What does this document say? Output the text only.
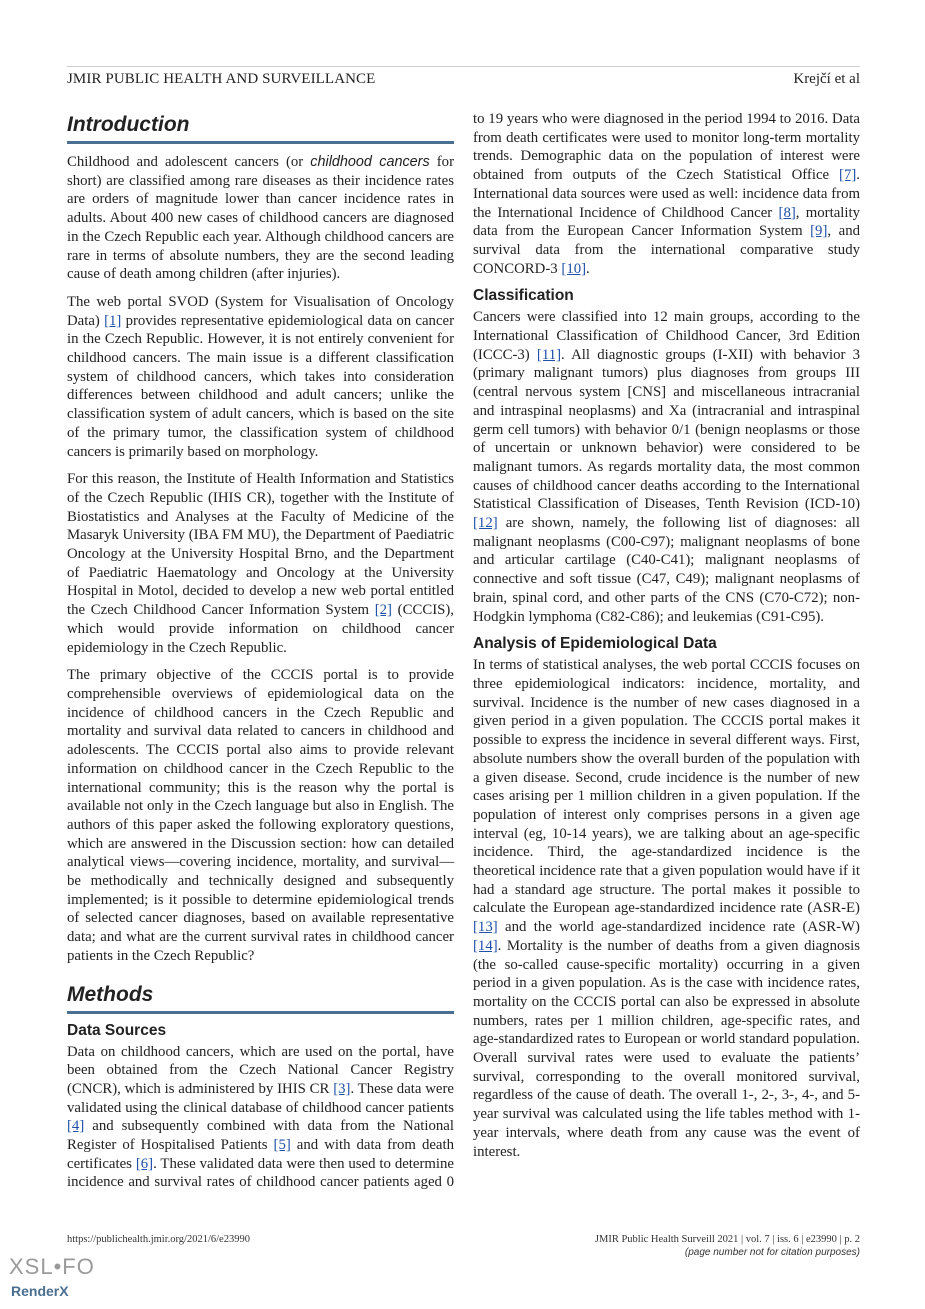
JMIR PUBLIC HEALTH AND SURVEILLANCE	Krejčí et al
Introduction

Childhood and adolescent cancers (or childhood cancers for short) are classified among rare diseases as their incidence rates are orders of magnitude lower than cancer incidence rates in adults. About 400 new cases of childhood cancers are diagnosed in the Czech Republic each year. Although childhood cancers are rare in terms of absolute numbers, they are the second leading cause of death among children (after injuries).

The web portal SVOD (System for Visualisation of Oncology Data) [1] provides representative epidemiological data on cancer in the Czech Republic. However, it is not entirely convenient for childhood cancers. The main issue is a different classification system of childhood cancers, which takes into consideration differences between childhood and adult cancers; unlike the classification system of adult cancers, which is based on the site of the primary tumor, the classification system of childhood cancers is primarily based on morphology.

For this reason, the Institute of Health Information and Statistics of the Czech Republic (IHIS CR), together with the Institute of Biostatistics and Analyses at the Faculty of Medicine of the Masaryk University (IBA FM MU), the Department of Paediatric Oncology at the University Hospital Brno, and the Department of Paediatric Haematology and Oncology at the University Hospital in Motol, decided to develop a new web portal entitled the Czech Childhood Cancer Information System [2] (CCCIS), which would provide information on childhood cancer epidemiology in the Czech Republic.

The primary objective of the CCCIS portal is to provide comprehensible overviews of epidemiological data on the incidence of childhood cancers in the Czech Republic and mortality and survival data related to cancers in childhood and adolescents. The CCCIS portal also aims to provide relevant information on childhood cancer in the Czech Republic to the international community; this is the reason why the portal is available not only in the Czech language but also in English. The authors of this paper asked the following exploratory questions, which are answered in the Discussion section: how can detailed analytical views—covering incidence, mortality, and survival—be methodically and technically designed and subsequently implemented; is it possible to determine epidemiological trends of selected cancer diagnoses, based on available representative data; and what are the current survival rates in childhood cancer patients in the Czech Republic?

Methods
Data Sources

Data on childhood cancers, which are used on the portal, have been obtained from the Czech National Cancer Registry (CNCR), which is administered by IHIS CR [3]. These data were validated using the clinical database of childhood cancer patients [4] and subsequently combined with data from the National Register of Hospitalised Patients [5] and with data from death certificates [6]. These validated data were then used to determine incidence and survival rates of childhood cancer patients aged 0

to 19 years who were diagnosed in the period 1994 to 2016. Data from death certificates were used to monitor long-term mortality trends. Demographic data on the population of interest were obtained from outputs of the Czech Statistical Office [7]. International data sources were used as well: incidence data from the International Incidence of Childhood Cancer [8], mortality data from the European Cancer Information System [9], and survival data from the international comparative study CONCORD-3 [10].

Classification

Cancers were classified into 12 main groups, according to the International Classification of Childhood Cancer, 3rd Edition (ICCC-3) [11]. All diagnostic groups (I-XII) with behavior 3 (primary malignant tumors) plus diagnoses from groups III (central nervous system [CNS] and miscellaneous intracranial and intraspinal neoplasms) and Xa (intracranial and intraspinal germ cell tumors) with behavior 0/1 (benign neoplasms or those of uncertain or unknown behavior) were considered to be malignant tumors. As regards mortality data, the most common causes of childhood cancer deaths according to the International Statistical Classification of Diseases, Tenth Revision (ICD-10) [12] are shown, namely, the following list of diagnoses: all malignant neoplasms (C00-C97); malignant neoplasms of bone and articular cartilage (C40-C41); malignant neoplasms of connective and soft tissue (C47, C49); malignant neoplasms of brain, spinal cord, and other parts of the CNS (C70-C72); non-Hodgkin lymphoma (C82-C86); and leukemias (C91-C95).

Analysis of Epidemiological Data

In terms of statistical analyses, the web portal CCCIS focuses on three epidemiological indicators: incidence, mortality, and survival. Incidence is the number of new cases diagnosed in a given period in a given population. The CCCIS portal makes it possible to express the incidence in several different ways. First, absolute numbers show the overall burden of the population with a given disease. Second, crude incidence is the number of new cases arising per 1 million children in a given population. If the population of interest only comprises persons in a given age interval (eg, 10-14 years), we are talking about an age-specific incidence. Third, the age-standardized incidence is the theoretical incidence rate that a given population would have if it had a standard age structure. The portal makes it possible to calculate the European age-standardized incidence rate (ASR-E) [13] and the world age-standardized incidence rate (ASR-W) [14]. Mortality is the number of deaths from a given diagnosis (the so-called cause-specific mortality) occurring in a given period in a given population. As is the case with incidence rates, mortality on the CCCIS portal can also be expressed in absolute numbers, rates per 1 million children, age-specific rates, and age-standardized rates to European or world standard population. Overall survival rates were used to evaluate the patients’ survival, corresponding to the overall monitored survival, regardless of the cause of death. The overall 1-, 2-, 3-, 4-, and 5-year survival was calculated using the life tables method with 1-year intervals, where death from any cause was the event of interest.

https://publichealth.jmir.org/2021/6/e23990	JMIR Public Health Surveill 2021 | vol. 7 | iss. 6 | e23990 | p. 2
(page number not for citation purposes)
XSL•FO
RenderX
